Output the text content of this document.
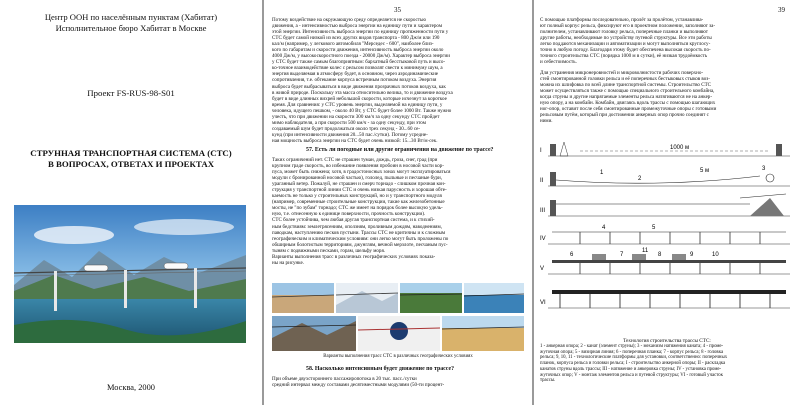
Центр ООН по населённым пунктам (Хабитат)
Исполнительное бюро Хабитат в Москве
Проект FS-RUS-98-S01
СТРУННАЯ ТРАНСПОРТНАЯ СИСТЕМА (СТС)
В ВОПРОСАХ, ОТВЕТАХ И ПРОЕКТАХ
Москва, 2000
35
Потому воздействие на окружающую среду определяется не скоростью
движения, а - интенсивностью выброса энергии на единицу пути и характером
этой энергии. Интенсивность выброса энергии по единицу протяженности пути у
СТС будет самой низкой из всех других видов транспорта - 800 Дж/м или 190
кал/м (например, у легкового автомобиля "Мерседес - 600", наиболее близ-
кого по габаритам и скорости движения, интенсивность выброса энергии около
4000 Дж/м, у высокоскоростного поезда - 20000 Дж/м). Характер выброса энергии
у СТС будет также самым благоприятным: бархатный бесстыковой путь и высо-
ко-точное взаимодействие колес с рельсом позволят свести к минимуму шум, а
энергия выделяемая в атмосферу будет, в основном, через аэродинамические
сопротивления, т.е. обтекание корпуса встречным потоком воздуха. Энергия
выброса будет выбрасываться в виде движения прозрачных потоков воздуха, как
в живой природе. Поскольку эта масса относительно велика, то и движение воздуха
будет в виде длинных вихрей небольшой скорости, которые исчезнут за короткое
время. Для сравнения: у СТС уровень энергии, выделяемой на единицу пути, у
человека, идущего пешком, - около 40 Вт, у СТС будет более 1000 Вт. Также нужно
учесть, что при движении на скорости 300 км/ч за одну секунду СТС пройдет
мимо наблюдателя, а при скорости 500 км/ч - за одну секунду, при этом
создаваемый шум будет продолжаться около трех секунд - 30...60 се-
кунд (при интенсивности движения 20...50 пас./сутки). Потому усредне-
ная мощность выброса энергии на СТС будет очень низкой: 15...30 Вт/м·сек.
57. Есть ли погодные или другие ограничения на движение по трассе?
Таких ограничений нет. СТС не страшен туман, дождь, гроза, снег, град (при
крупном граде скорость, во избежание появления пробоин в носовой части кор-
пуса, может быть снижена; хотя, в градостоносных зонах могут эксплуатироваться
модули с бронированной носовой частью), гололед, пыльные и песчаные бури,
ураганный ветер. Пожалуй, не страшен и смерч торнадо - слишком прочная кон-
струкция у транспортной линии СТС и очень низкая парусность и хорошая обте-
каемость не только у строительных конструкций, но и у транспортного модуля
(например, современные строительные конструкции, такие как железобетонные
мосты, не "по зубам" торнадо; СТС же имеет на порядок более высокую удель-
ную, т.е. отнесенную к единице поверхности, прочность конструкции).
СТС более устойчива, чем любая другая транспортная система, и к стихий-
ным бедствиям: землетрясениям, оползням, проливным дождям, наводнениям,
паводкам, наступлению песков пустыни. Трассы СТС не критичны и к сложным
географическим и климатическим условиям: они легко могут быть проложены по
обширным болотистым территориям, джунглям, вечной мерзлоте, песчаным пус-
тыням с подвижными песками, горам, шельфу моря.
Варианты выполнения трасс в различных географических условиях показа-
ны на рисунке.
Варианты выполнения трасс СТС в различных географических условиях
58. Насколько интенсивным будет движение по трассе?
При объеме двухстороннего пассажиропотока в 20 тыс. пасс./сутки
средний интервал между составами десятиместными модулями (50-ти процент-
39
С помощью платформы последовательно, пролёт за пролётом, устанавлива-
ют полный корпус рельса, фиксируют его в проектном положении, заполняют за-
полнителем, устанавливают головку рельса, поперечные планки и выполняют
другие работы, необходимые по устройству путевой структуры. Все эти работы
легко поддаются механизации и автоматизации и могут выполняться круглосу-
точно в любую погоду. Благодаря этому будет обеспечена высокая скорость по-
точного строительства СТС (порядка 1000 м в сутки), её низкая трудоёмкость
и себестоимость.
Для устранения микронеровностей и микроволнистости рабочих поверхно-
стей смонтированной головки рельса и её поперечных бестыковых стыков воз-
можна их шлифовка по всей длине транспортной системы. Строительство СТС
может осуществляться также с помощью специального строительного комбайна,
когда струны и другие напрягаемые элементы рельса натягиваются не на анкер-
ную опору, а на комбайн. Комбайн, двигаясь вдоль трассы с помощью шагающих
ног-опор, оставит после себя смонтированные промежуточные опоры с готовыми
рельсовым путём, который при достижении анкерных опор прочно соединят с
ними.
I	1000 м
II
1
2
3
5 м
III
IV
4	5
V
6	7	8	9	10
11
VI
Технология строительства трассы СТС:
1 - анкерная опора; 2 - канат (элемент струны); 3 - механизм натяжения каната; 4 - проме-
жуточная опора; 5 - визирная линия; 6 - поперечная планка; 7 - корпус рельса; 8 - головка
рельса; 9, 10, 11 - технологические платформы для установки, соответственно: поперечных
планок, корпуса рельса и головки рельса; I - строительство анкерной опоры; II - раскладка
канатов струны вдоль трассы; III - натяжение и анкеровка струны; IV - установка проме-
жуточных опор; V - монтаж элементов рельса и путевой структуры; VI - готовый участок
трассы.
